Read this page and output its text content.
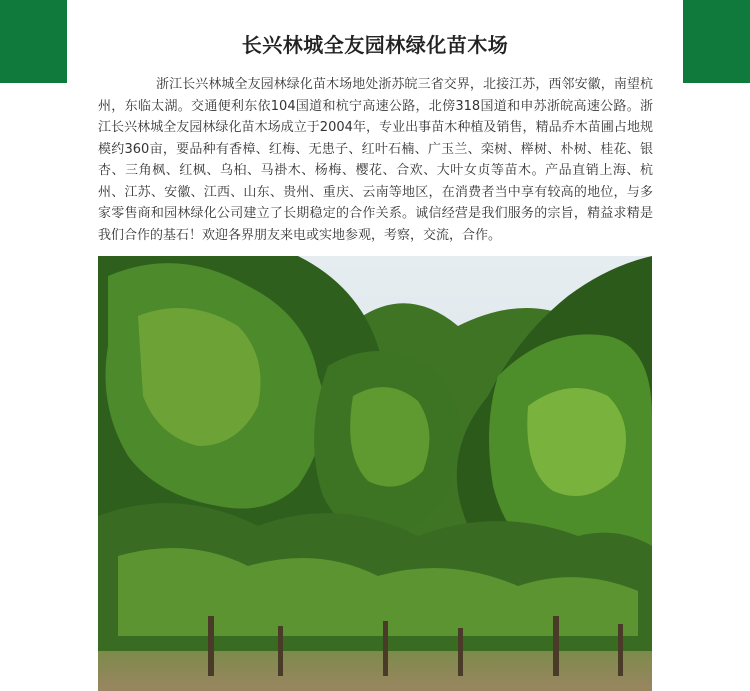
长兴林城全友园林绿化苗木场

浙江长兴林城全友园林绿化苗木场地处浙苏皖三省交界，北接江苏，西邻安徽，南望杭州，东临太湖。交通便利东依104国道和杭宁高速公路，北傍318国道和申苏浙皖高速公路。浙江长兴林城全友园林绿化苗木场成立于2004年，专业出事苗木种植及销售，精品乔木苗圃占地规模约360亩，要品种有香樟、红梅、无患子、红叶石楠、广玉兰、栾树、榉树、朴树、桂花、银杏、三角枫、红枫、乌桕、马褂木、杨梅、樱花、合欢、大叶女贞等苗木。产品直销上海、杭州、江苏、安徽、江西、山东、贵州、重庆、云南等地区，在消费者当中享有较高的地位，与多家零售商和园林绿化公司建立了长期稳定的合作关系。诚信经营是我们服务的宗旨，精益求精是我们合作的基石！欢迎各界朋友来电或实地参观，考察，交流，合作。
